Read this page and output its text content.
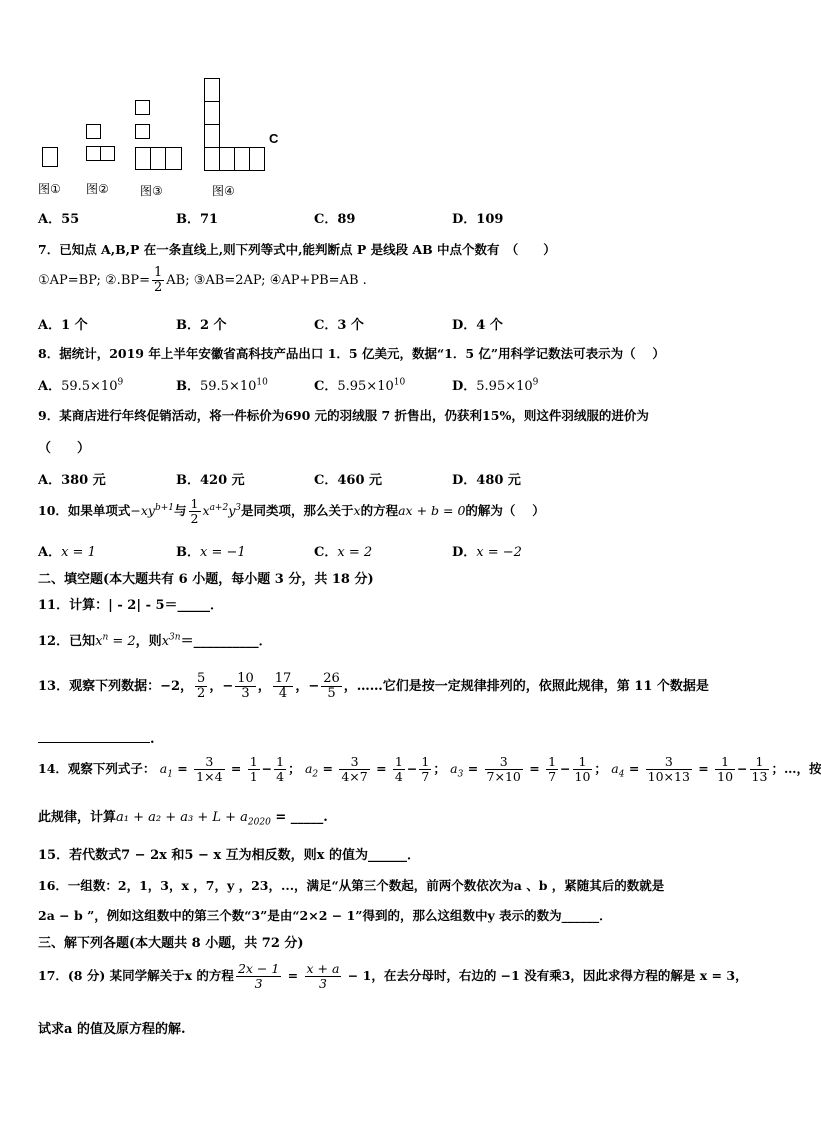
C
图① 图②	图③	图④
A．55	B．71	C．89	D．109
7．已知点 A,B,P 在一条直线上,则下列等式中,能判断点 P 是线段 AB 中点个数有　（　　）
①AP=BP; ②.BP= $\frac{1}{2}$ AB; ③AB=2AP; ④AP+PB=AB .
A．1 个	B．2 个	C．3 个	D．4 个
8．据统计，2019 年上半年安徽省高科技产品出口 1．5 亿美元，数据“1．5 亿”用科学记数法可表示为（　 ）
A．$59.5\times 10^9$	B．$59.5\times 10^{10}$	C．$5.95\times 10^{10}$	D．$5.95\times 10^9$
9．某商店进行年终促销活动，将一件标价为690 元的羽绒服 7 折售出，仍获利15%，则这件羽绒服的进价为
（　　）
A．380 元	B．420 元	C．460 元	D．480 元
10．如果单项式$-xy^{b+1}$与 $\frac{1}{2} x^{a+2}y^3$是同类项，那么关于x的方程ax + b = 0的解为（　 ）
A．x = 1	B．x = −1	C．x = 2	D．x = −2
二、填空题(本大题共有 6 小题，每小题 3 分，共 18 分)
11．计算：| - 2| - 5＝_____．
12．已知$x^n = 2$，则$x^{3n}=\_\_\_\_\_\_\_\_\_\_$．
13．观察下列数据：−2， $\frac{5}{2}$ ，− $\frac{10}{3}$ ， $\frac{17}{4}$ ，− $\frac{26}{5}$ ，……它们是按一定规律排列的，依照此规律，第 11 个数据是
.
14．观察下列式子： $a_1 = \frac{3}{1\times 4} = \frac{1}{1} - \frac{1}{4}$ ； $a_2 = \frac{3}{4\times 7} = \frac{1}{4} - \frac{1}{7}$ ； $a_3 = \frac{3}{7\times 10} = \frac{1}{7} - \frac{1}{10}$ ； $a_4 = \frac{3}{10\times 13} = \frac{1}{10} - \frac{1}{13}$ ；…，按
此规律，计算$a_1 + a_2 + a_3 + L + a_{2020}$ = _____.
15．若代数式7 − 2x 和5 − x 互为相反数，则x 的值为______．
16．一组数：2，1，3，x ，7，y ，23，...，满足“从第三个数起，前两个数依次为a 、b ，紧随其后的数就是
2a − b ”，例如这组数中的第三个数“3”是由“2×2 − 1”得到的，那么这组数中y 表示的数为______．
三、解下列各题(本大题共 8 小题，共 72 分)
17．(8 分) 某同学解关于x 的方程 $\frac{2x - 1}{3} = \frac{x + a}{3} - 1$，在去分母时，右边的 −1 没有乘3，因此求得方程的解是 x = 3，
试求a 的值及原方程的解.
